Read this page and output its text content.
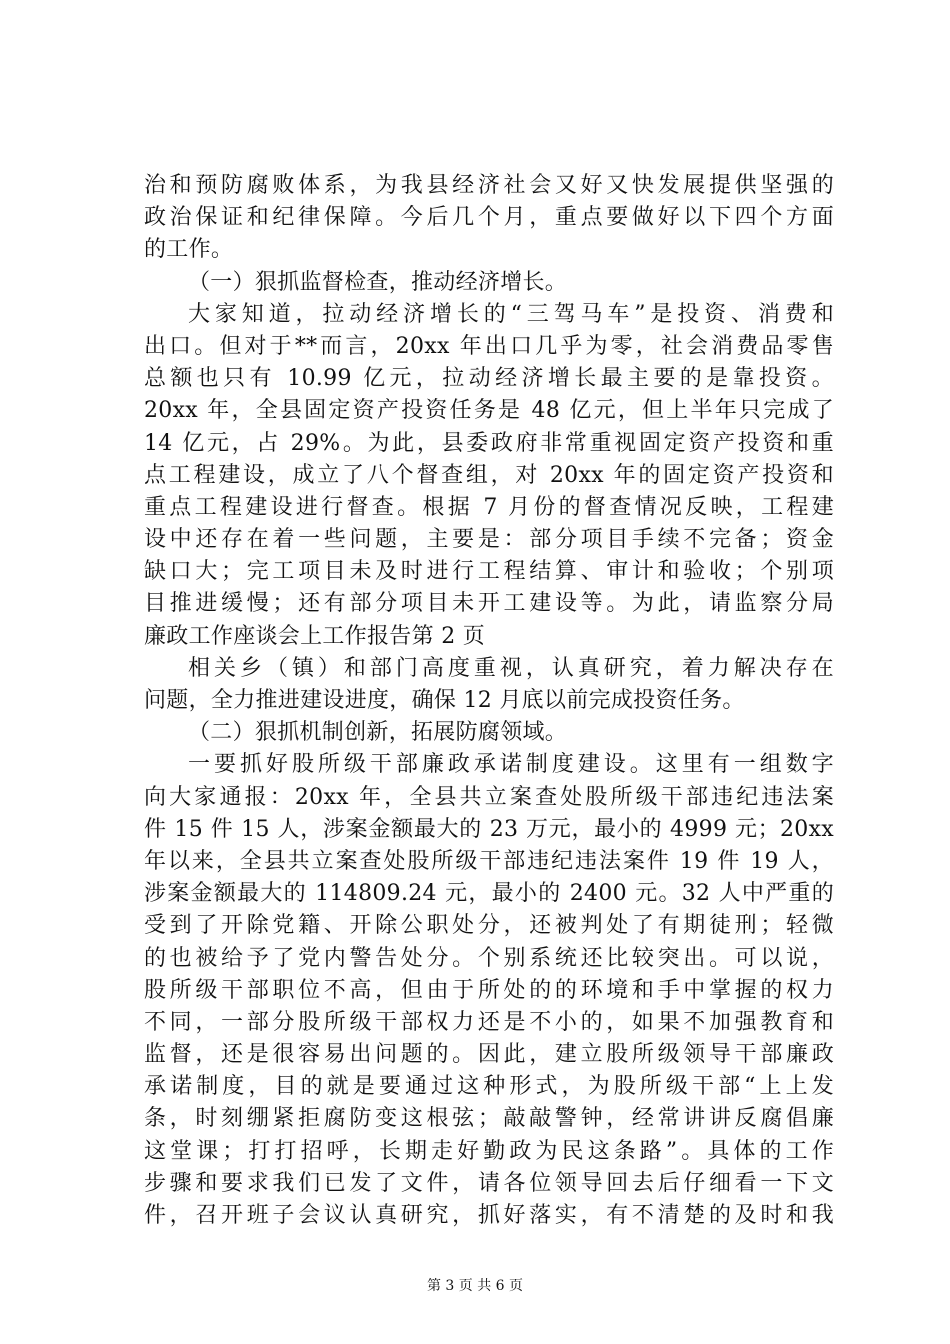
治和预防腐败体系，为我县经济社会又好又快发展提供坚强的
政治保证和纪律保障。今后几个月，重点要做好以下四个方面
的工作。
（一）狠抓监督检查，推动经济增长。
大家知道，拉动经济增长的“三驾马车”是投资、消费和
出口。但对于**而言，20xx 年出口几乎为零，社会消费品零售
总额也只有 10.99 亿元，拉动经济增长最主要的是靠投资。
20xx 年，全县固定资产投资任务是 48 亿元，但上半年只完成了
14 亿元，占 29%。为此，县委政府非常重视固定资产投资和重
点工程建设，成立了八个督查组，对 20xx 年的固定资产投资和
重点工程建设进行督查。根据 7 月份的督查情况反映，工程建
设中还存在着一些问题，主要是：部分项目手续不完备；资金
缺口大；完工项目未及时进行工程结算、审计和验收；个别项
目推进缓慢；还有部分项目未开工建设等。为此，请监察分局
廉政工作座谈会上工作报告第 2 页
相关乡（镇）和部门高度重视，认真研究，着力解决存在
问题，全力推进建设进度，确保 12 月底以前完成投资任务。
（二）狠抓机制创新，拓展防腐领域。
一要抓好股所级干部廉政承诺制度建设。这里有一组数字
向大家通报：20xx 年，全县共立案查处股所级干部违纪违法案
件 15 件 15 人，涉案金额最大的 23 万元，最小的 4999 元；20xx
年以来，全县共立案查处股所级干部违纪违法案件 19 件 19 人，
涉案金额最大的 114809.24 元，最小的 2400 元。32 人中严重的
受到了开除党籍、开除公职处分，还被判处了有期徒刑；轻微
的也被给予了党内警告处分。个别系统还比较突出。可以说，
股所级干部职位不高，但由于所处的的环境和手中掌握的权力
不同，一部分股所级干部权力还是不小的，如果不加强教育和
监督，还是很容易出问题的。因此，建立股所级领导干部廉政
承诺制度，目的就是要通过这种形式，为股所级干部“上上发
条，时刻绷紧拒腐防变这根弦；敲敲警钟，经常讲讲反腐倡廉
这堂课；打打招呼，长期走好勤政为民这条路”。具体的工作
步骤和要求我们已发了文件，请各位领导回去后仔细看一下文
件，召开班子会议认真研究，抓好落实，有不清楚的及时和我
第 3 页 共 6 页
